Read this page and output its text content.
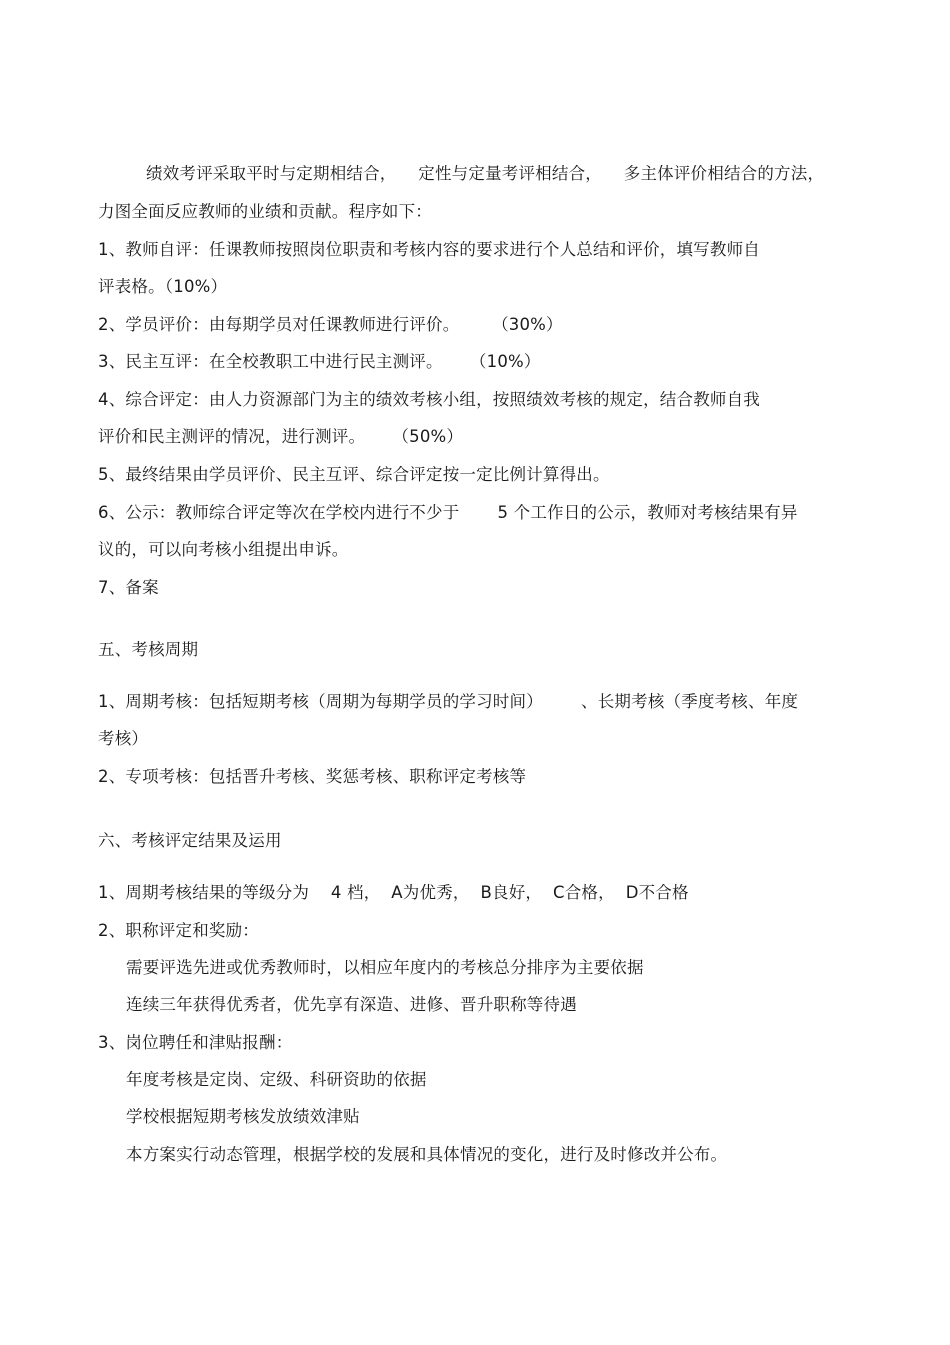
绩效考评采取平时与定期相结合，    定性与定量考评相结合，    多主体评价相结合的方法，
力图全面反应教师的业绩和贡献。程序如下：
1、教师自评：任课教师按照岗位职责和考核内容的要求进行个人总结和评价，填写教师自
评表格。（10%）
2、学员评价：由每期学员对任课教师进行评价。      （30%）
3、民主互评：在全校教职工中进行民主测评。     （10%）
4、综合评定：由人力资源部门为主的绩效考核小组，按照绩效考核的规定，结合教师自我
评价和民主测评的情况，进行测评。     （50%）
5、最终结果由学员评价、民主互评、综合评定按一定比例计算得出。
6、公示：教师综合评定等次在学校内进行不少于       5 个工作日的公示，教师对考核结果有异
议的，可以向考核小组提出申诉。
7、备案
五、考核周期
1、周期考核：包括短期考核（周期为每期学员的学习时间）       、长期考核（季度考核、年度
考核）
2、专项考核：包括晋升考核、奖惩考核、职称评定考核等
六、考核评定结果及运用
1、周期考核结果的等级分为    4 档，  A为优秀，  B良好，  C合格，  D不合格
2、职称评定和奖励：
需要评选先进或优秀教师时，以相应年度内的考核总分排序为主要依据
连续三年获得优秀者，优先享有深造、进修、晋升职称等待遇
3、岗位聘任和津贴报酬：
年度考核是定岗、定级、科研资助的依据
学校根据短期考核发放绩效津贴
本方案实行动态管理，根据学校的发展和具体情况的变化，进行及时修改并公布。
